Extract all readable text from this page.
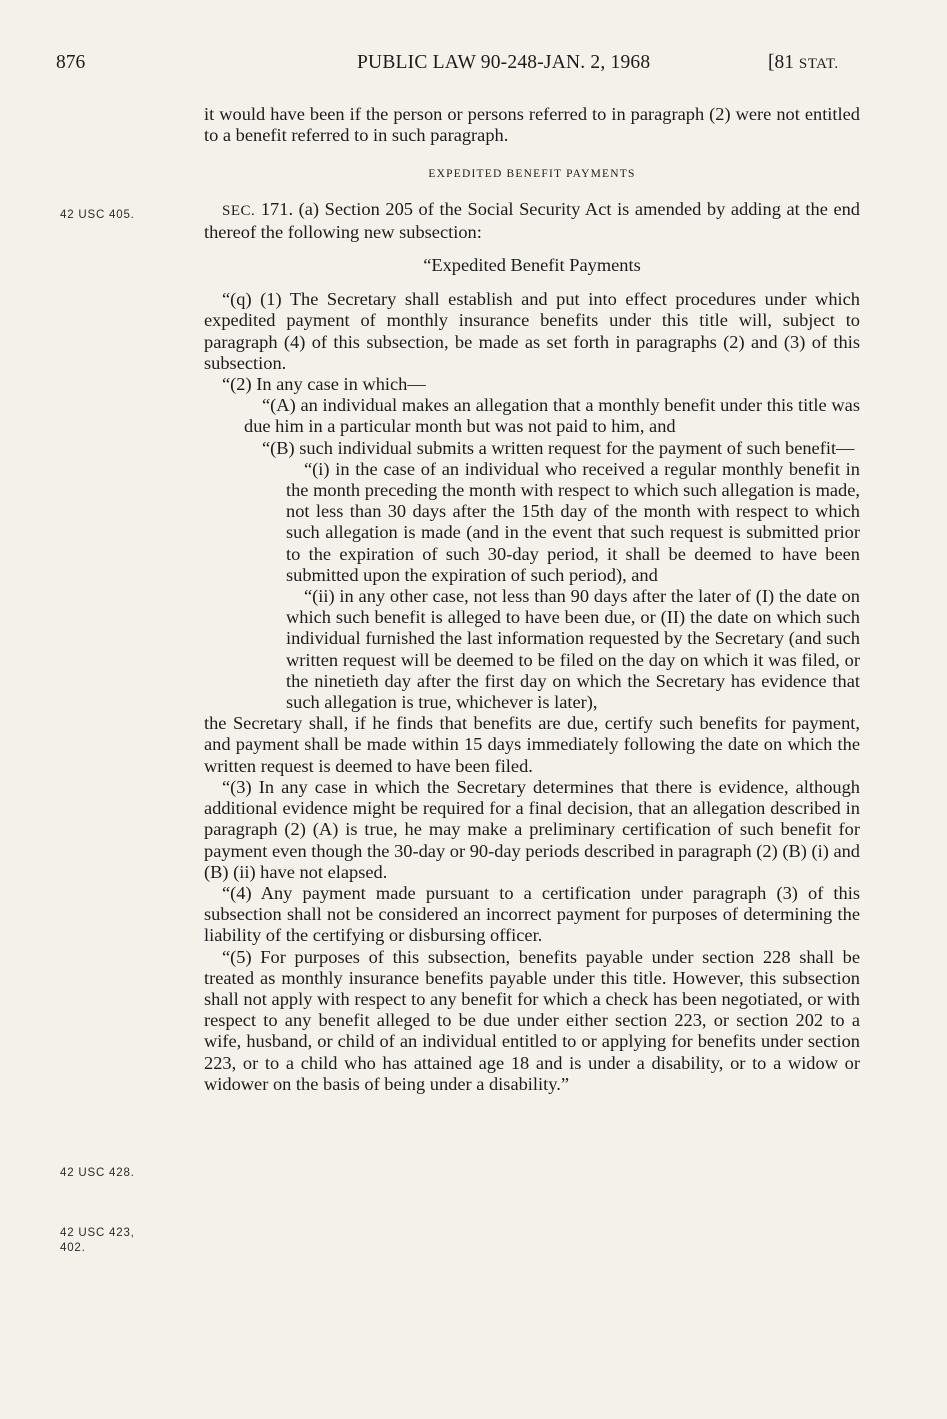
876	PUBLIC LAW 90-248-JAN. 2, 1968	[81 STAT.
42 USC 405.
42 USC 428.
42 USC 423,
402.

it would have been if the person or persons referred to in paragraph (2) were not entitled to a benefit referred to in such paragraph.

EXPEDITED BENEFIT PAYMENTS

SEC. 171. (a) Section 205 of the Social Security Act is amended by adding at the end thereof the following new subsection:

“Expedited Benefit Payments

“(q) (1) The Secretary shall establish and put into effect procedures under which expedited payment of monthly insurance benefits under this title will, subject to paragraph (4) of this subsection, be made as set forth in paragraphs (2) and (3) of this subsection.

“(2) In any case in which—

“(A) an individual makes an allegation that a monthly benefit under this title was due him in a particular month but was not paid to him, and

“(B) such individual submits a written request for the payment of such benefit—

“(i) in the case of an individual who received a regular monthly benefit in the month preceding the month with respect to which such allegation is made, not less than 30 days after the 15th day of the month with respect to which such allegation is made (and in the event that such request is submitted prior to the expiration of such 30-day period, it shall be deemed to have been submitted upon the expiration of such period), and

“(ii) in any other case, not less than 90 days after the later of (I) the date on which such benefit is alleged to have been due, or (II) the date on which such individual furnished the last information requested by the Secretary (and such written request will be deemed to be filed on the day on which it was filed, or the ninetieth day after the first day on which the Secretary has evidence that such allegation is true, whichever is later),

the Secretary shall, if he finds that benefits are due, certify such benefits for payment, and payment shall be made within 15 days immediately following the date on which the written request is deemed to have been filed.

“(3) In any case in which the Secretary determines that there is evidence, although additional evidence might be required for a final decision, that an allegation described in paragraph (2) (A) is true, he may make a preliminary certification of such benefit for payment even though the 30-day or 90-day periods described in paragraph (2) (B) (i) and (B) (ii) have not elapsed.

“(4) Any payment made pursuant to a certification under paragraph (3) of this subsection shall not be considered an incorrect payment for purposes of determining the liability of the certifying or disbursing officer.

“(5) For purposes of this subsection, benefits payable under section 228 shall be treated as monthly insurance benefits payable under this title. However, this subsection shall not apply with respect to any benefit for which a check has been negotiated, or with respect to any benefit alleged to be due under either section 223, or section 202 to a wife, husband, or child of an individual entitled to or applying for benefits under section 223, or to a child who has attained age 18 and is under a disability, or to a widow or widower on the basis of being under a disability.”
